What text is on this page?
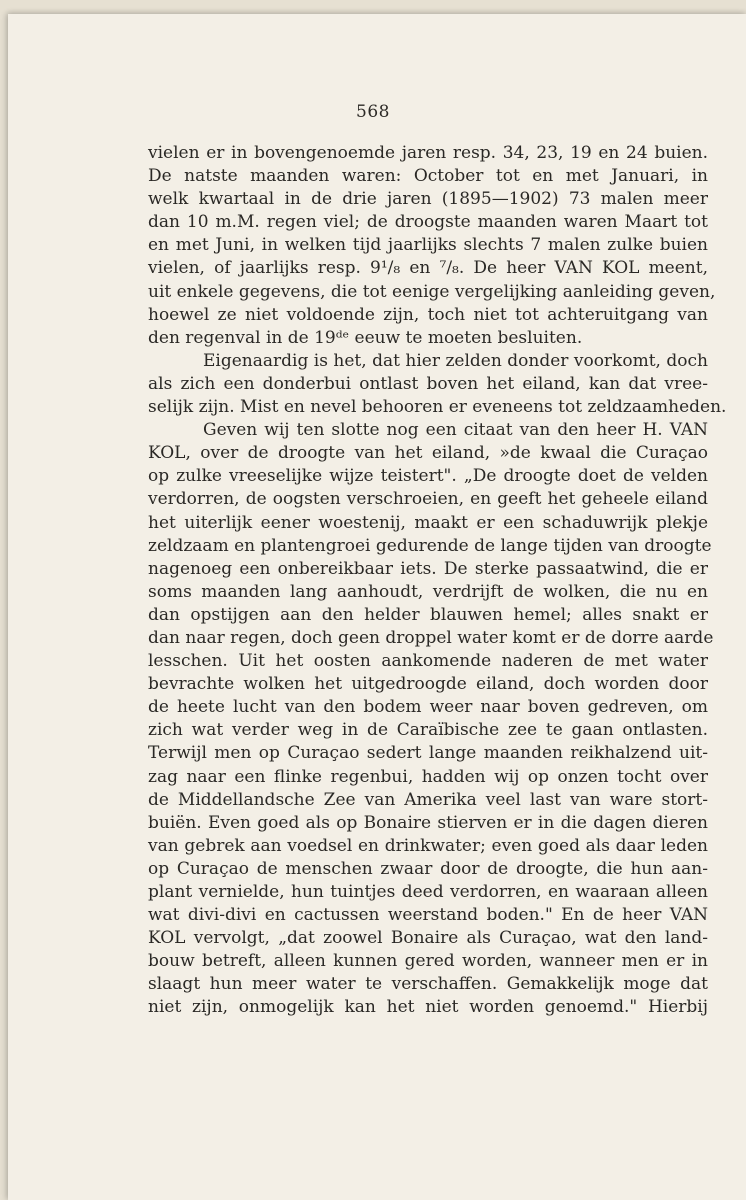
568
vielen er in bovengenoemde jaren resp. 34, 23, 19 en 24 buien.
De natste maanden waren: October tot en met Januari, in
welk kwartaal in de drie jaren (1895—1902) 73 malen meer
dan 10 m.M. regen viel; de droogste maanden waren Maart tot
en met Juni, in welken tijd jaarlijks slechts 7 malen zulke buien
vielen, of jaarlijks resp. 9¹/₈ en ⁷/₈. De heer VAN KOL meent,
uit enkele gegevens, die tot eenige vergelijking aanleiding geven,
hoewel ze niet voldoende zijn, toch niet tot achteruitgang van
den regenval in de 19ᵈᵉ eeuw te moeten besluiten.
Eigenaardig is het, dat hier zelden donder voorkomt, doch
als zich een donderbui ontlast boven het eiland, kan dat vree-
selijk zijn. Mist en nevel behooren er eveneens tot zeldzaamheden.
Geven wij ten slotte nog een citaat van den heer H. VAN
KOL, over de droogte van het eiland, »de kwaal die Curaçao
op zulke vreeselijke wijze teistert". „De droogte doet de velden
verdorren, de oogsten verschroeien, en geeft het geheele eiland
het uiterlijk eener woestenij, maakt er een schaduwrijk plekje
zeldzaam en plantengroei gedurende de lange tijden van droogte
nagenoeg een onbereikbaar iets. De sterke passaatwind, die er
soms maanden lang aanhoudt, verdrijft de wolken, die nu en
dan opstijgen aan den helder blauwen hemel; alles snakt er
dan naar regen, doch geen droppel water komt er de dorre aarde
lesschen. Uit het oosten aankomende naderen de met water
bevrachte wolken het uitgedroogde eiland, doch worden door
de heete lucht van den bodem weer naar boven gedreven, om
zich wat verder weg in de Caraïbische zee te gaan ontlasten.
Terwijl men op Curaçao sedert lange maanden reikhalzend uit-
zag naar een flinke regenbui, hadden wij op onzen tocht over
de Middellandsche Zee van Amerika veel last van ware stort-
buiën. Even goed als op Bonaire stierven er in die dagen dieren
van gebrek aan voedsel en drinkwater; even goed als daar leden
op Curaçao de menschen zwaar door de droogte, die hun aan-
plant vernielde, hun tuintjes deed verdorren, en waaraan alleen
wat divi-divi en cactussen weerstand boden." En de heer VAN
KOL vervolgt, „dat zoowel Bonaire als Curaçao, wat den land-
bouw betreft, alleen kunnen gered worden, wanneer men er in
slaagt hun meer water te verschaffen. Gemakkelijk moge dat
niet zijn, onmogelijk kan het niet worden genoemd." Hierbij
